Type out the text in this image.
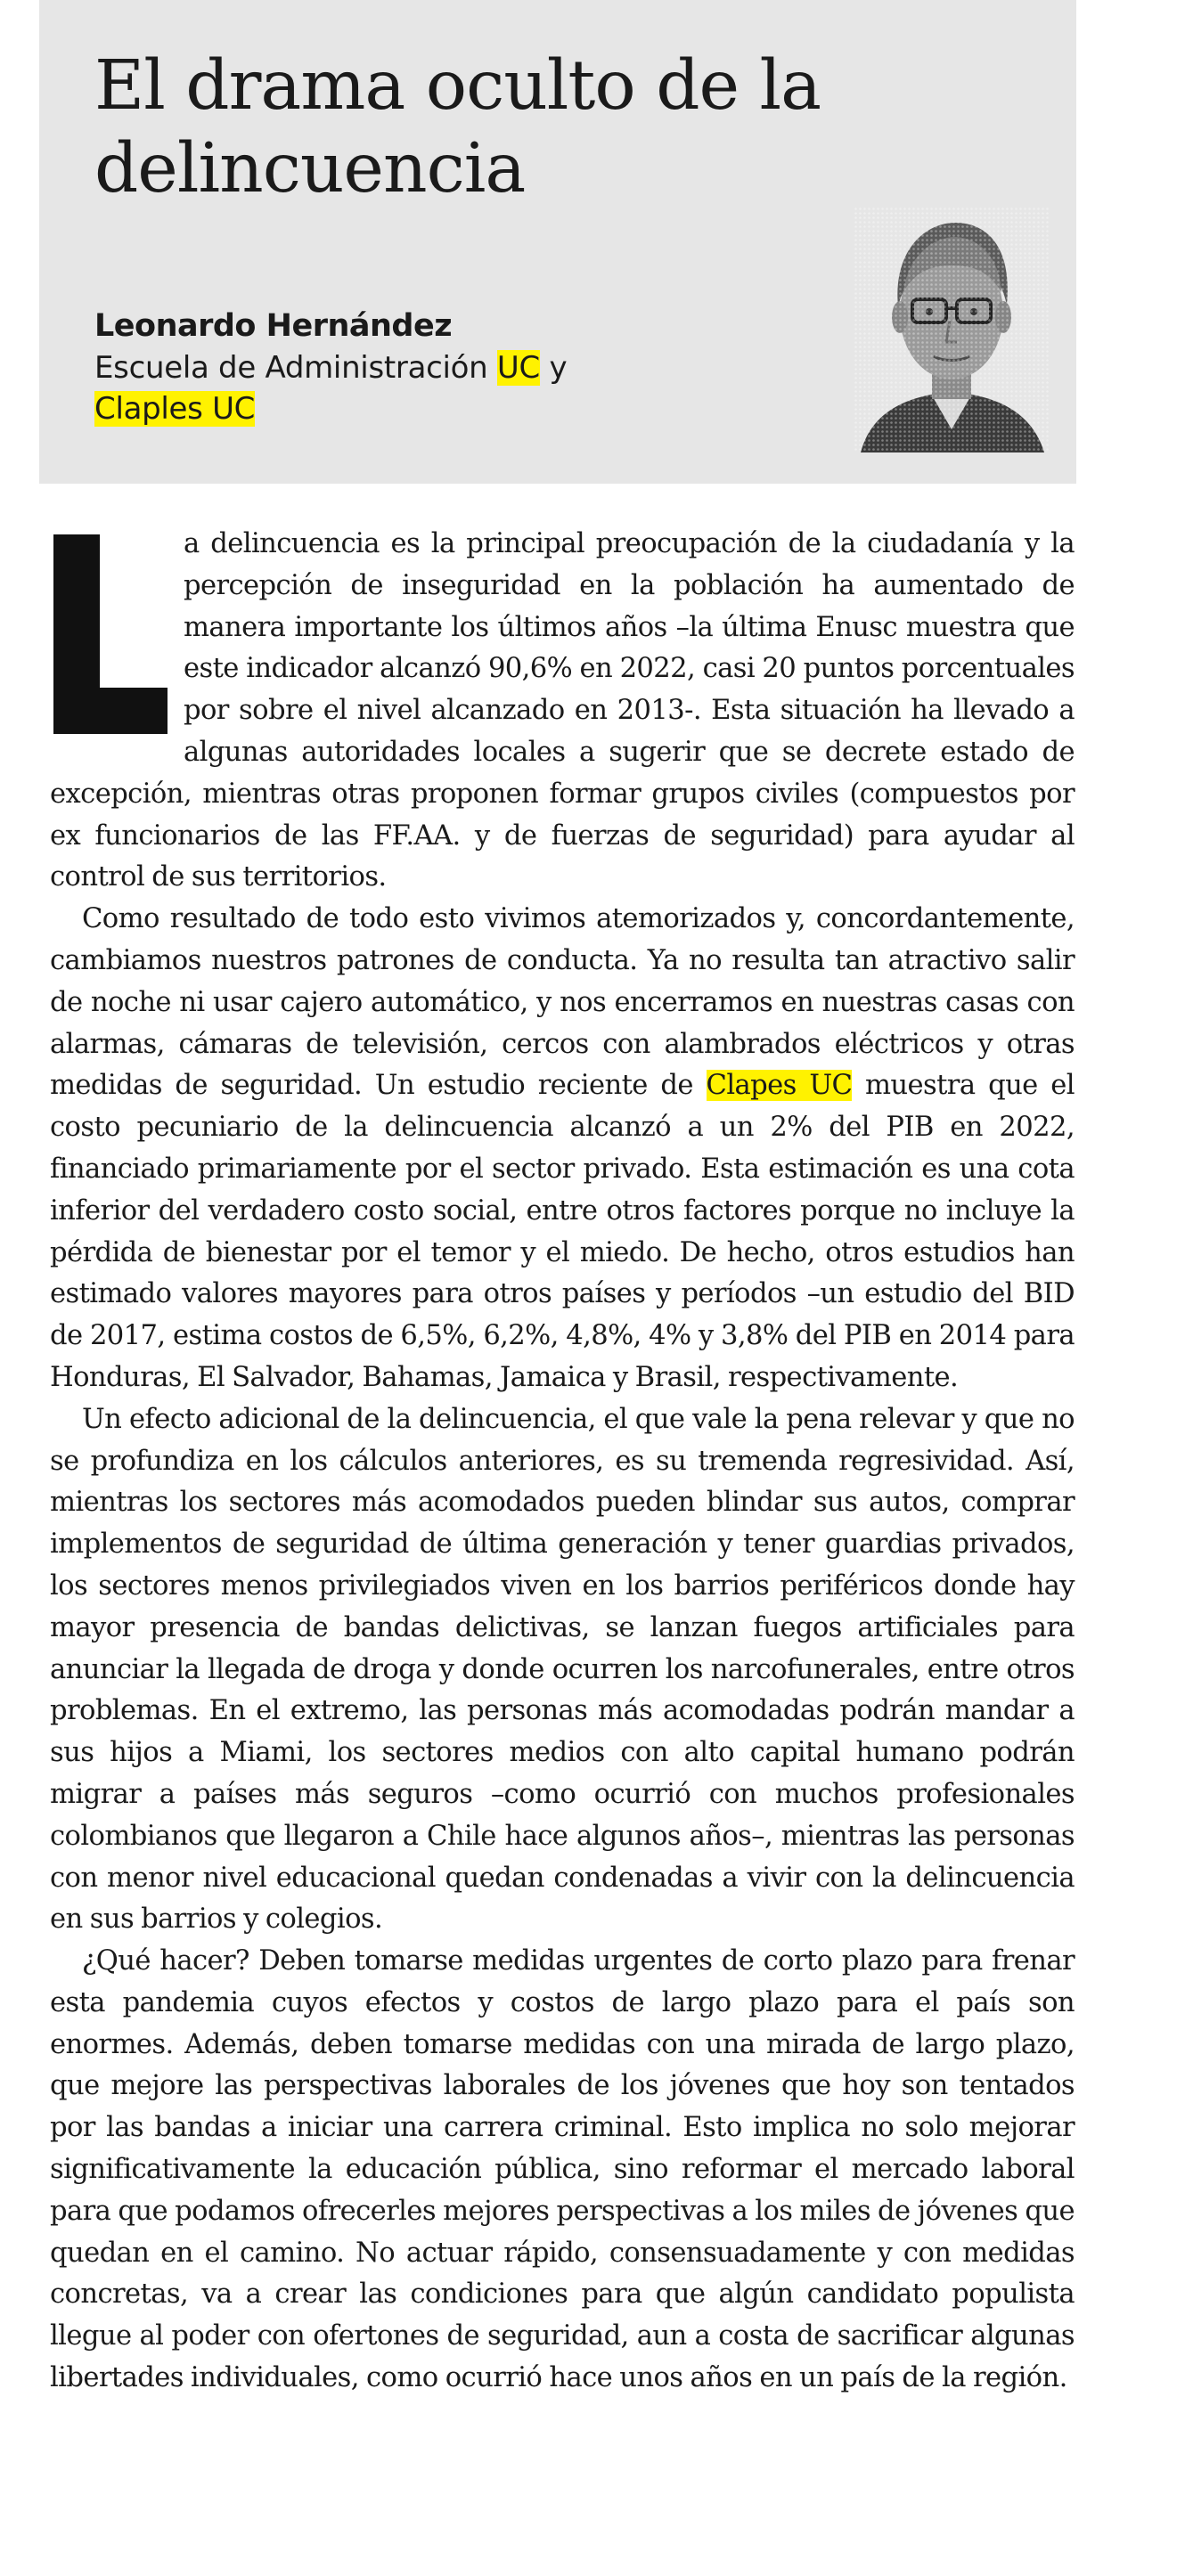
El drama oculto de la
delincuencia

Leonardo Hernández

Escuela de Administración UC y
Claples UC

a delincuencia es la principal preocupación de la ciudadanía y la percepción de inseguridad en la población ha aumentado de manera importante los últimos años –la última Enusc muestra que este indicador alcanzó 90,6% en 2022, casi 20 puntos porcentuales por sobre el nivel alcanzado en 2013-. Esta situación ha llevado a algunas autoridades locales a sugerir que se decrete estado de excepción, mientras otras proponen formar grupos civiles (compuestos por ex funcionarios de las FF.AA. y de fuerzas de seguridad) para ayudar al control de sus territorios.

Como resultado de todo esto vivimos atemorizados y, concordantemente, cambiamos nuestros patrones de conducta. Ya no resulta tan atractivo salir de noche ni usar cajero automático, y nos encerramos en nuestras casas con alarmas, cámaras de televisión, cercos con alambrados eléctricos y otras medidas de seguridad. Un estudio reciente de Clapes UC muestra que el costo pecuniario de la delincuencia alcanzó a un 2% del PIB en 2022, financiado primariamente por el sector privado. Esta estimación es una cota inferior del verdadero costo social, entre otros factores porque no incluye la pérdida de bienestar por el temor y el miedo. De hecho, otros estudios han estimado valores mayores para otros países y períodos –un estudio del BID de 2017, estima costos de 6,5%, 6,2%, 4,8%, 4% y 3,8% del PIB en 2014 para Honduras, El Salvador, Bahamas, Jamaica y Brasil, respectivamente.

Un efecto adicional de la delincuencia, el que vale la pena relevar y que no se profundiza en los cálculos anteriores, es su tremenda regresividad. Así, mientras los sectores más acomodados pueden blindar sus autos, comprar implementos de seguridad de última generación y tener guardias privados, los sectores menos privilegiados viven en los barrios periféricos donde hay mayor presencia de bandas delictivas, se lanzan fuegos artificiales para anunciar la llegada de droga y donde ocurren los narcofunerales, entre otros problemas. En el extremo, las personas más acomodadas podrán mandar a sus hijos a Miami, los sectores medios con alto capital humano podrán migrar a países más seguros –como ocurrió con muchos profesionales colombianos que llegaron a Chile hace algunos años–, mientras las personas con menor nivel educacional quedan condenadas a vivir con la delincuencia en sus barrios y colegios.

¿Qué hacer? Deben tomarse medidas urgentes de corto plazo para frenar esta pandemia cuyos efectos y costos de largo plazo para el país son enormes. Además, deben tomarse medidas con una mirada de largo plazo, que mejore las perspectivas laborales de los jóvenes que hoy son tentados por las bandas a iniciar una carrera criminal. Esto implica no solo mejorar significativamente la educación pública, sino reformar el mercado laboral para que podamos ofrecerles mejores perspectivas a los miles de jóvenes que quedan en el camino. No actuar rápido, consensuadamente y con medidas concretas, va a crear las condiciones para que algún candidato populista llegue al poder con ofertones de seguridad, aun a costa de sacrificar algunas libertades individuales, como ocurrió hace unos años en un país de la región.
